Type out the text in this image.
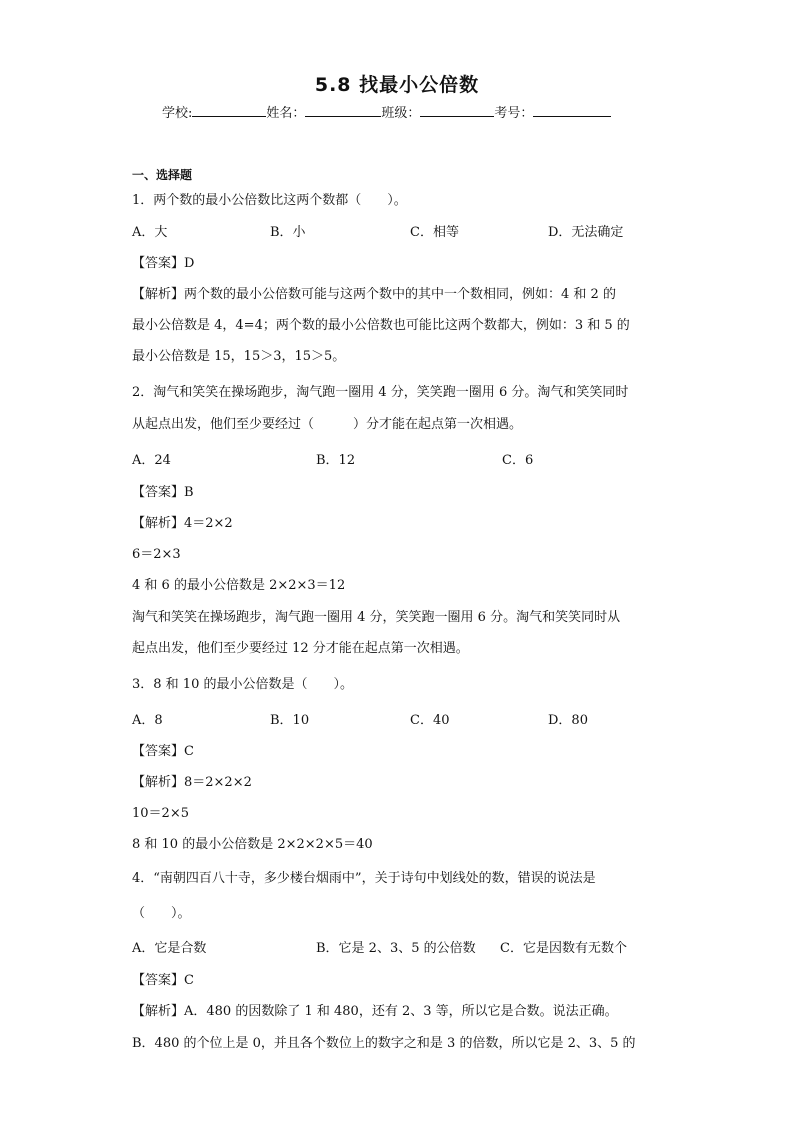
5.8 找最小公倍数
学校:	姓名：	班级：	考号：
一、选择题
1．两个数的最小公倍数比这两个数都（　　）。
A．大	B．小	C．相等	D．无法确定
【答案】D
【解析】两个数的最小公倍数可能与这两个数中的其中一个数相同，例如：4 和 2 的
最小公倍数是 4，4=4；两个数的最小公倍数也可能比这两个数都大，例如：3 和 5 的
最小公倍数是 15，15＞3，15＞5。
2．淘气和笑笑在操场跑步，淘气跑一圈用 4 分，笑笑跑一圈用 6 分。淘气和笑笑同时
从起点出发，他们至少要经过（　　　）分才能在起点第一次相遇。
A．24	B．12	C．6
【答案】B
【解析】4＝2×2
6＝2×3
4 和 6 的最小公倍数是 2×2×3＝12
淘气和笑笑在操场跑步，淘气跑一圈用 4 分，笑笑跑一圈用 6 分。淘气和笑笑同时从
起点出发，他们至少要经过 12 分才能在起点第一次相遇。
3．8 和 10 的最小公倍数是（　　）。
A．8	B．10	C．40	D．80
【答案】C
【解析】8＝2×2×2
10＝2×5
8 和 10 的最小公倍数是 2×2×2×5＝40
4．“南朝四百八十寺，多少楼台烟雨中”，关于诗句中划线处的数，错误的说法是
（　　）。
A．它是合数	B．它是 2、3、5 的公倍数 C．它是因数有无数个
【答案】C
【解析】A．480 的因数除了 1 和 480，还有 2、3 等，所以它是合数。说法正确。
B．480 的个位上是 0，并且各个数位上的数字之和是 3 的倍数，所以它是 2、3、5 的
